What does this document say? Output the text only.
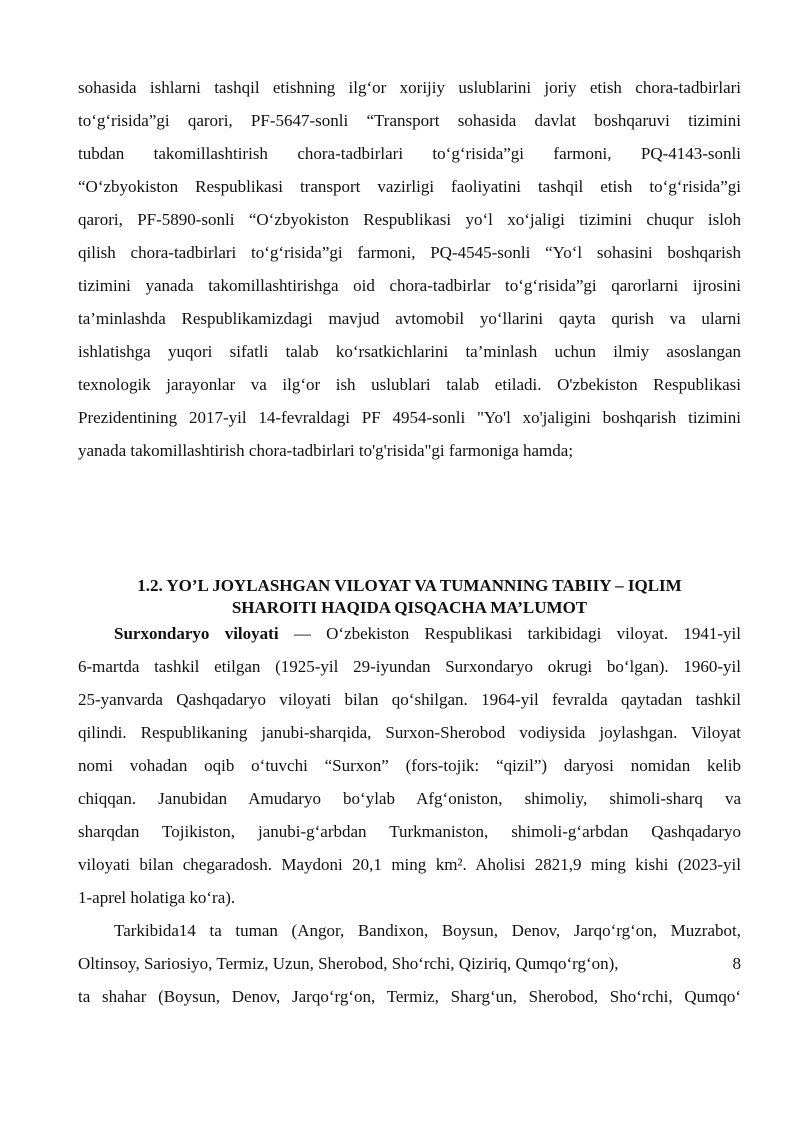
sohasida ishlarni tashqil etishning ilg‘or xorijiy uslublarini joriy etish chora-tadbirlari
to‘g‘risida”gi qarori, PF-5647-sonli “Transport sohasida davlat boshqaruvi tizimini
tubdan takomillashtirish chora-tadbirlari to‘g‘risida”gi farmoni, PQ-4143-sonli
“O‘zbyokiston Respublikasi transport vazirligi faoliyatini tashqil etish to‘g‘risida”gi
qarori, PF-5890-sonli “O‘zbyokiston Respublikasi yo‘l xo‘jaligi tizimini chuqur isloh
qilish chora-tadbirlari to‘g‘risida”gi farmoni, PQ-4545-sonli “Yo‘l sohasini boshqarish
tizimini yanada takomillashtirishga oid chora-tadbirlar to‘g‘risida”gi qarorlarni ijrosini
ta’minlashda Respublikamizdagi mavjud avtomobil yo‘llarini qayta qurish va ularni
ishlatishga yuqori sifatli talab ko‘rsatkichlarini ta’minlash uchun ilmiy asoslangan
texnologik jarayonlar va ilg‘or ish uslublari talab etiladi. O'zbekiston Respublikasi
Prezidentining 2017-yil 14-fevraldagi PF 4954-sonli "Yo'l xo'jaligini boshqarish tizimini
yanada takomillashtirish chora-tadbirlari to'g'risida"gi farmoniga hamda;
1.2. YO’L JOYLASHGAN VILOYAT VA TUMANNING TABIIY – IQLIM
SHAROITI HAQIDA QISQACHA MA’LUMOT
Surxondaryo viloyati — O‘zbekiston Respublikasi tarkibidagi viloyat. 1941-yil
6-martda tashkil etilgan (1925-yil 29-iyundan Surxondaryo okrugi bo‘lgan). 1960-yil
25-yanvarda Qashqadaryo viloyati bilan qo‘shilgan. 1964-yil fevralda qaytadan tashkil
qilindi. Respublikaning janubi-sharqida, Surxon-Sherobod vodiysida joylashgan. Viloyat
nomi vohadan oqib o‘tuvchi “Surxon” (fors-tojik: “qizil”) daryosi nomidan kelib
chiqqan. Janubidan Amudaryo bo‘ylab Afg‘oniston, shimoliy, shimoli-sharq va
sharqdan Tojikiston, janubi-g‘arbdan Turkmaniston, shimoli-g‘arbdan Qashqadaryo
viloyati bilan chegaradosh. Maydoni 20,1 ming km². Aholisi 2821,9 ming kishi (2023-yil
1-aprel holatiga ko‘ra).
Tarkibida14 ta tuman (Angor, Bandixon, Boysun, Denov, Jarqo‘rg‘on, Muzrabot,
Oltinsoy, Sariosiyo, Termiz, Uzun, Sherobod, Sho‘rchi, Qiziriq, Qumqo‘rg‘on),	8
ta shahar (Boysun, Denov, Jarqo‘rg‘on, Termiz, Sharg‘un, Sherobod, Sho‘rchi, Qumqo‘
